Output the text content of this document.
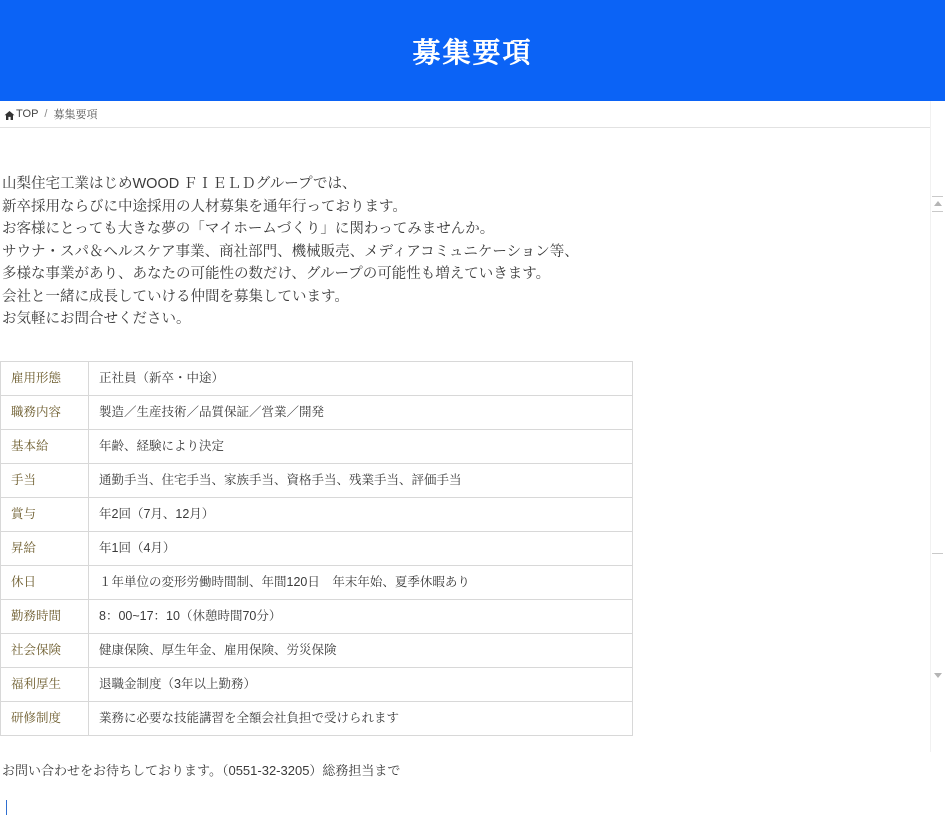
募集要項
TOP / 募集要項

山梨住宅工業はじめWOOD ＦＩＥＬＤグループでは、

新卒採用ならびに中途採用の人材募集を通年行っております。

お客様にとっても大きな夢の「マイホームづくり」に関わってみませんか。

サウナ・スパ＆ヘルスケア事業、商社部門、機械販売、メディアコミュニケーション等、

多様な事業があり、あなたの可能性の数だけ、グループの可能性も増えていきます。

会社と一緒に成長していける仲間を募集しています。

お気軽にお問合せください。

雇用形態	正社員（新卒・中途）
職務内容	製造／生産技術／品質保証／営業／開発
基本給	年齢、経験により決定
手当	通勤手当、住宅手当、家族手当、資格手当、残業手当、評価手当
賞与	年2回（7月、12月）
昇給	年1回（4月）
休日	１年単位の変形労働時間制、年間120日　年末年始、夏季休暇あり
勤務時間	8：00~17：10（休憩時間70分）
社会保険	健康保険、厚生年金、雇用保険、労災保険
福利厚生	退職金制度（3年以上勤務）
研修制度	業務に必要な技能講習を全額会社負担で受けられます
お問い合わせをお待ちしております。（0551-32-3205）総務担当まで
